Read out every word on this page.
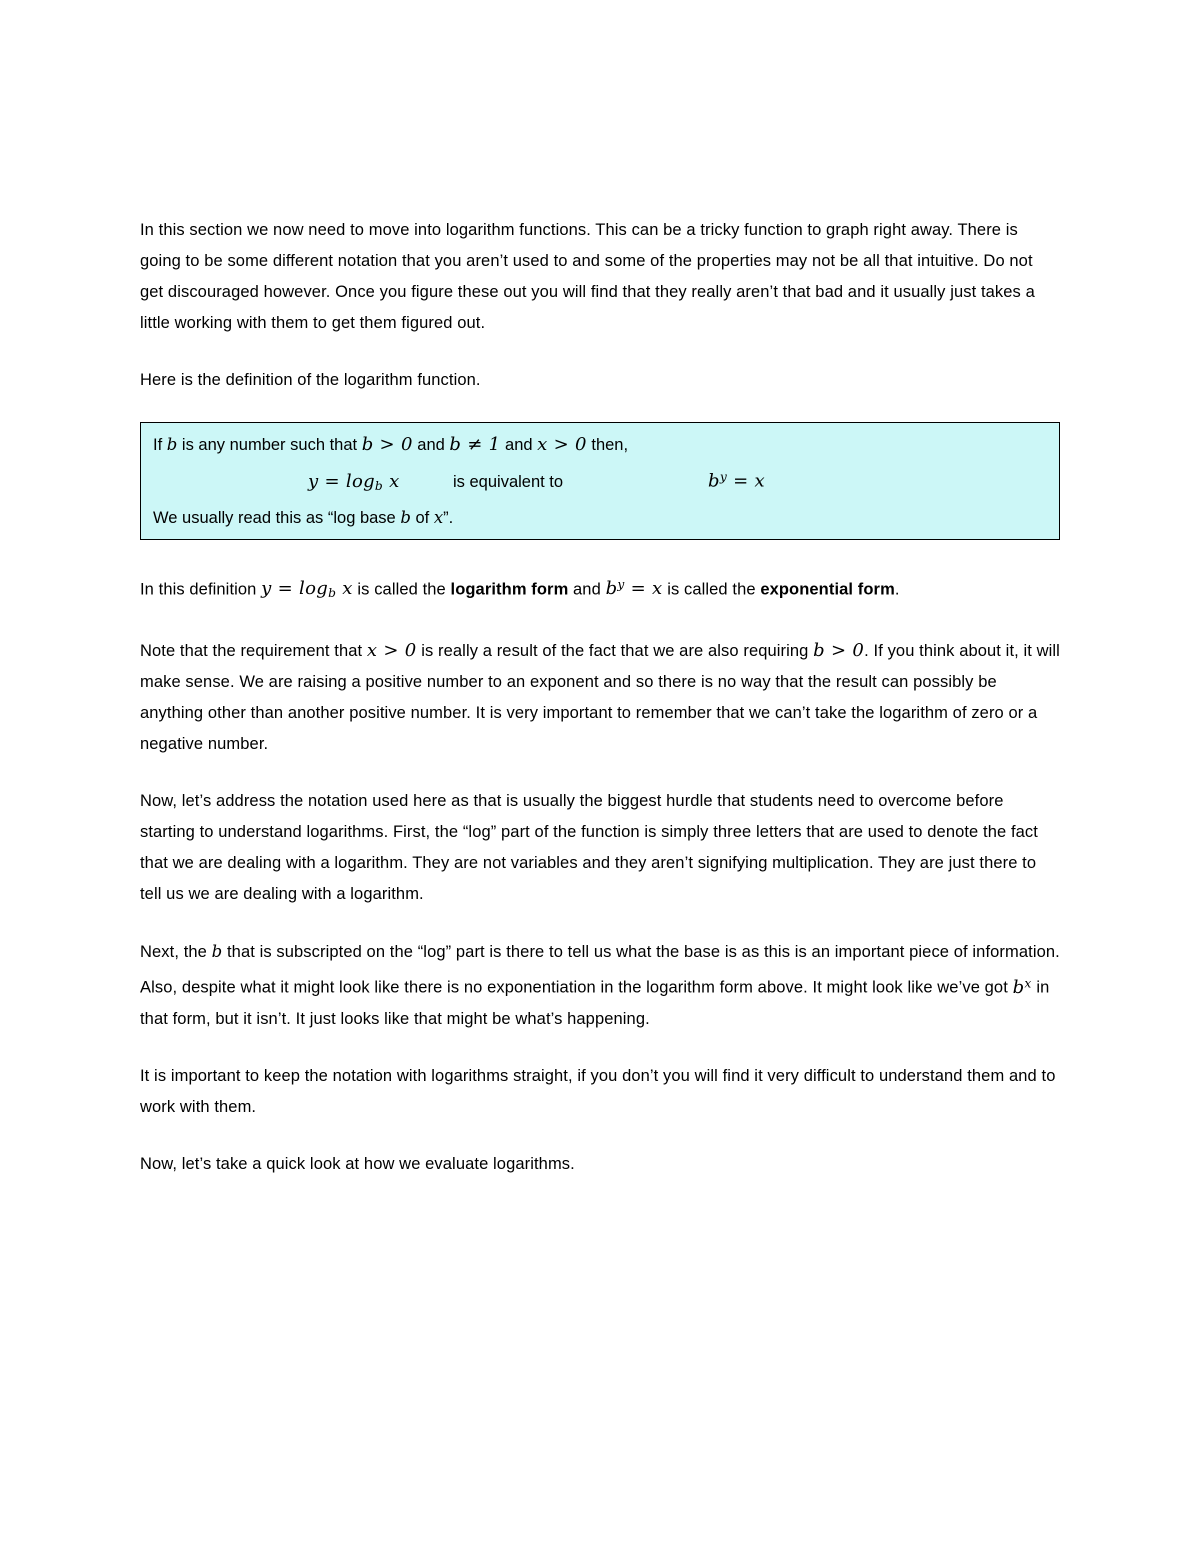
In this section we now need to move into logarithm functions. This can be a tricky function to graph right away. There is going to be some different notation that you aren’t used to and some of the properties may not be all that intuitive. Do not get discouraged however. Once you figure these out you will find that they really aren’t that bad and it usually just takes a little working with them to get them figured out.

Here is the definition of the logarithm function.

If b is any number such that b > 0 and b ≠ 1 and x > 0 then,
$y = \log_b x$	is equivalent to	$b^y = x$
We usually read this as “log base b of x”.

In this definition $y = \log_b x$ is called the logarithm form and $b^y = x$ is called the exponential form.

Note that the requirement that x > 0 is really a result of the fact that we are also requiring b > 0. If you think about it, it will make sense. We are raising a positive number to an exponent and so there is no way that the result can possibly be anything other than another positive number. It is very important to remember that we can’t take the logarithm of zero or a negative number.

Now, let’s address the notation used here as that is usually the biggest hurdle that students need to overcome before starting to understand logarithms. First, the “log” part of the function is simply three letters that are used to denote the fact that we are dealing with a logarithm. They are not variables and they aren’t signifying multiplication. They are just there to tell us we are dealing with a logarithm.

Next, the b that is subscripted on the “log” part is there to tell us what the base is as this is an important piece of information. Also, despite what it might look like there is no exponentiation in the logarithm form above. It might look like we’ve got $b^x$ in that form, but it isn’t. It just looks like that might be what’s happening.

It is important to keep the notation with logarithms straight, if you don’t you will find it very difficult to understand them and to work with them.

Now, let’s take a quick look at how we evaluate logarithms.
